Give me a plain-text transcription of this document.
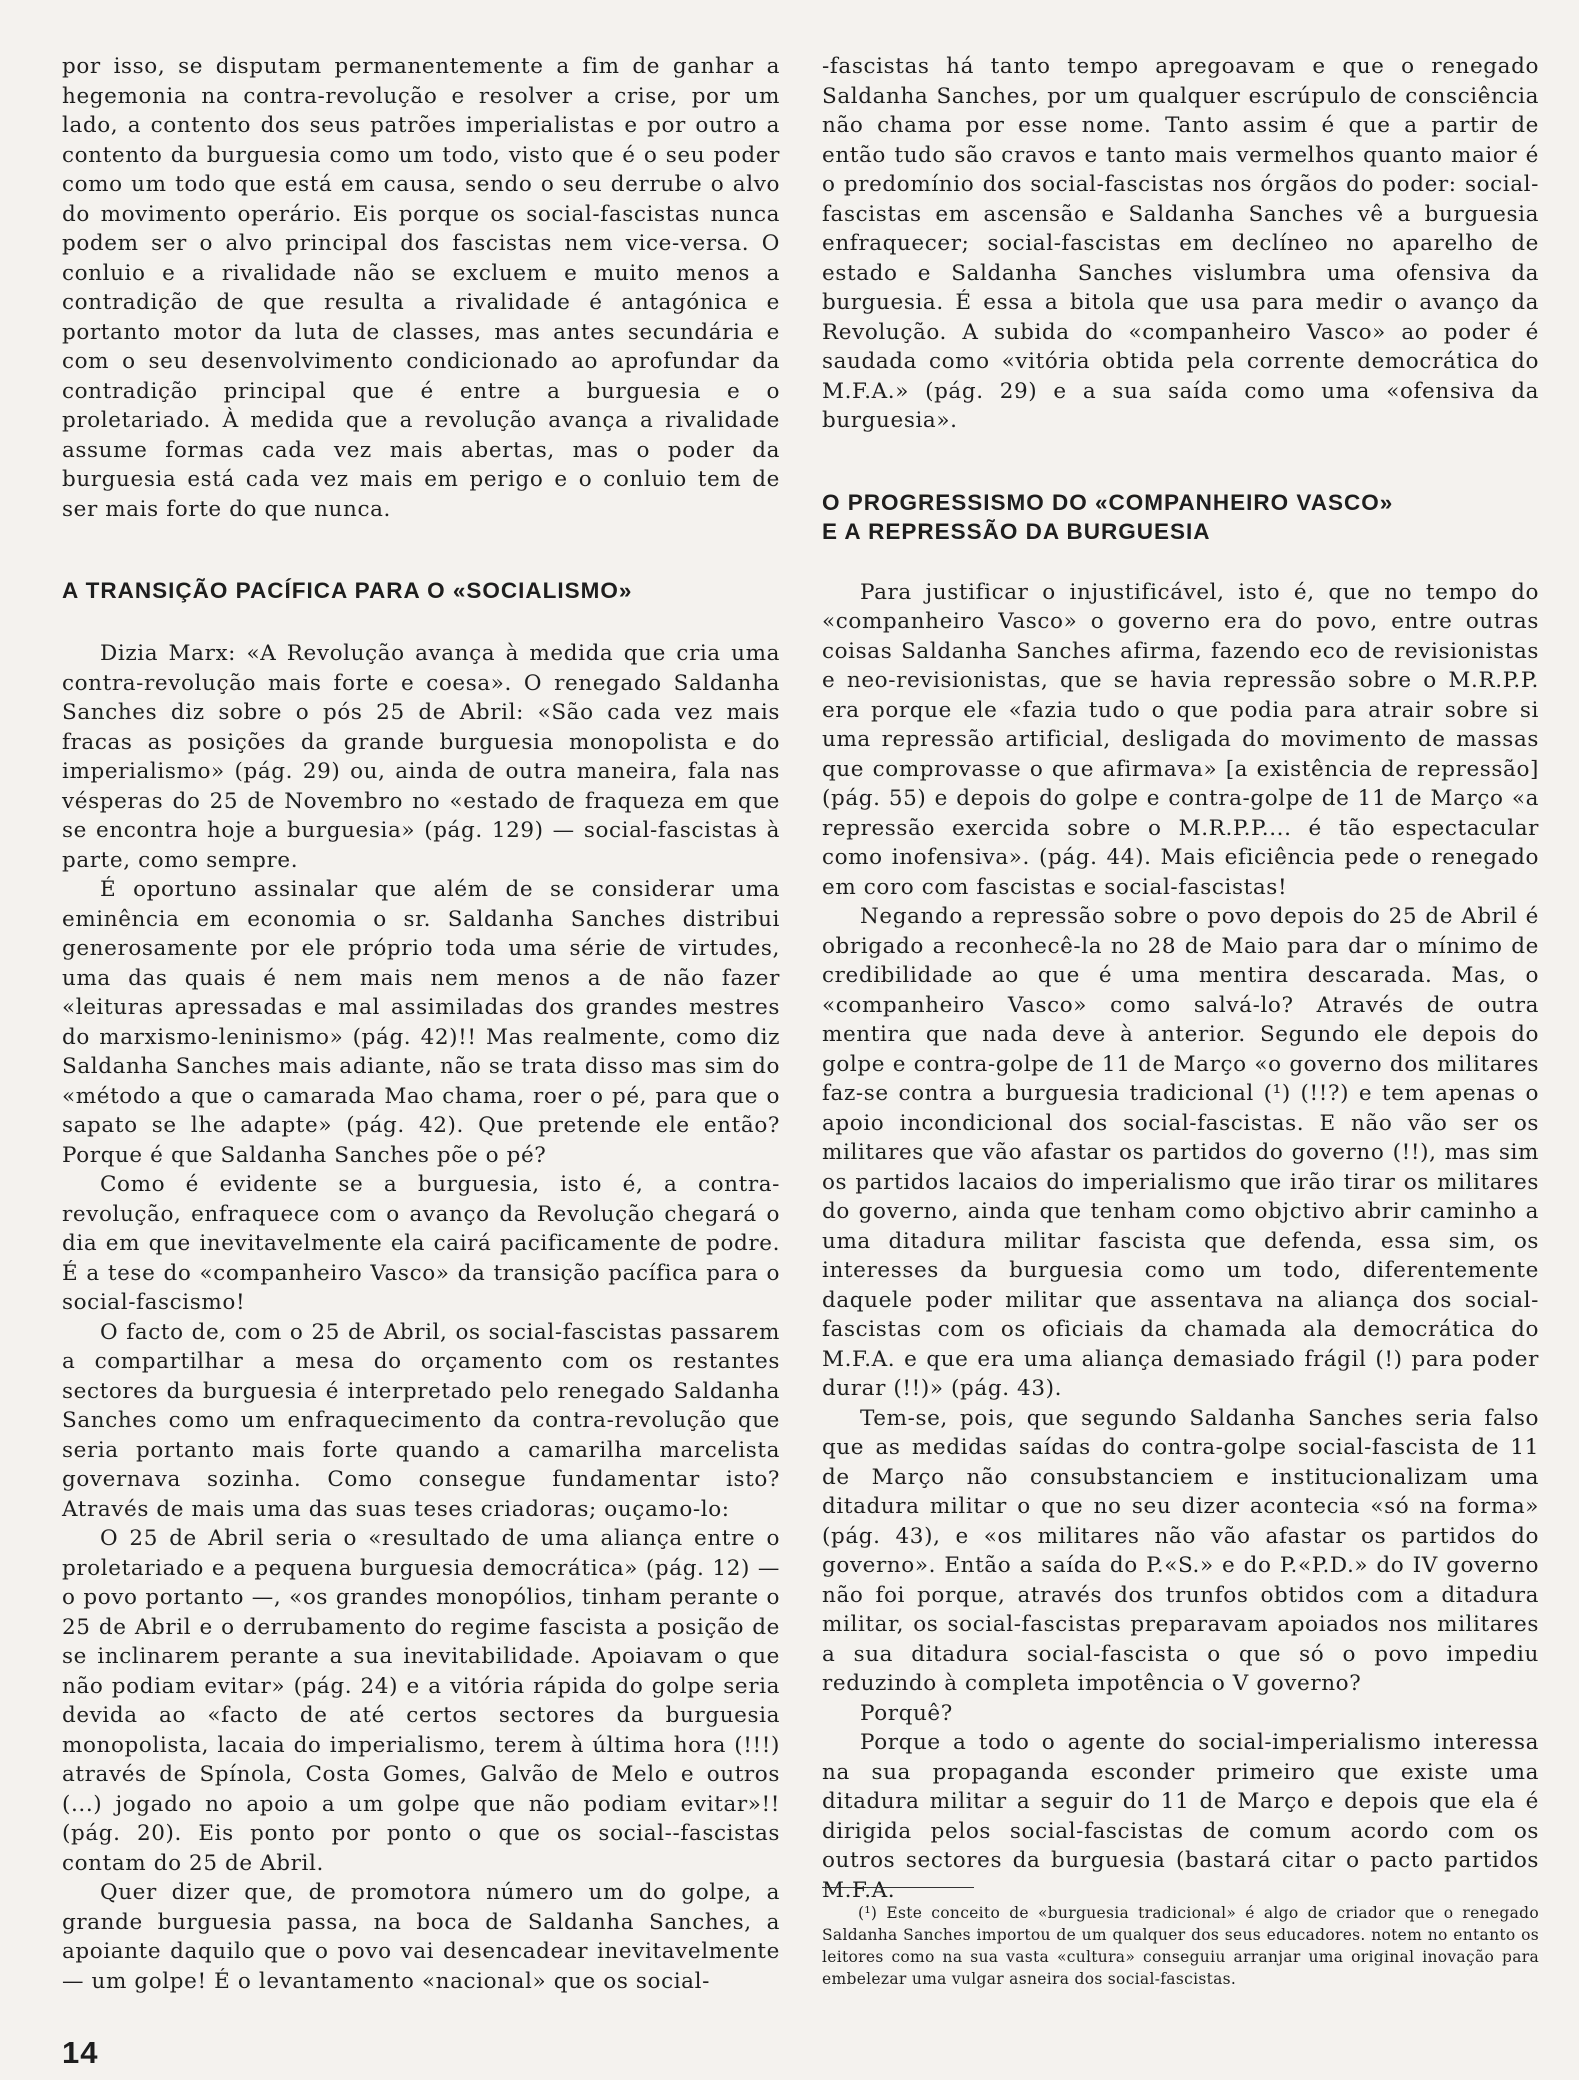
por isso, se disputam permanentemente a fim de ganhar a hegemonia na contra-revolução e resolver a crise, por um lado, a contento dos seus patrões imperialistas e por outro a contento da burguesia como um todo, visto que é o seu poder como um todo que está em causa, sendo o seu derrube o alvo do movimento operário. Eis porque os social-fascistas nunca podem ser o alvo principal dos fascistas nem vice-versa. O conluio e a rivalidade não se excluem e muito menos a contradição de que resulta a rivalidade é antagónica e portanto motor da luta de classes, mas antes secundária e com o seu desenvolvimento condicionado ao aprofundar da contradição principal que é entre a burguesia e o proletariado. À medida que a revolução avança a rivalidade assume formas cada vez mais abertas, mas o poder da burguesia está cada vez mais em perigo e o conluio tem de ser mais forte do que nunca.

A TRANSIÇÃO PACÍFICA PARA O «SOCIALISMO»

Dizia Marx: «A Revolução avança à medida que cria uma contra-revolução mais forte e coesa». O renegado Saldanha Sanches diz sobre o pós 25 de Abril: «São cada vez mais fracas as posições da grande burguesia monopolista e do imperialismo» (pág. 29) ou, ainda de outra maneira, fala nas vésperas do 25 de Novembro no «estado de fraqueza em que se encontra hoje a burguesia» (pág. 129) — social-fascistas à parte, como sempre.

É oportuno assinalar que além de se considerar uma eminência em economia o sr. Saldanha Sanches distribui generosamente por ele próprio toda uma série de virtudes, uma das quais é nem mais nem menos a de não fazer «leituras apressadas e mal assimiladas dos grandes mestres do marxismo-leninismo» (pág. 42)!! Mas realmente, como diz Saldanha Sanches mais adiante, não se trata disso mas sim do «método a que o camarada Mao chama, roer o pé, para que o sapato se lhe adapte» (pág. 42). Que pretende ele então? Porque é que Saldanha Sanches põe o pé?

Como é evidente se a burguesia, isto é, a contra-revolução, enfraquece com o avanço da Revolução chegará o dia em que inevitavelmente ela cairá pacificamente de podre. É a tese do «companheiro Vasco» da transição pacífica para o social-fascismo!

O facto de, com o 25 de Abril, os social-fascistas passarem a compartilhar a mesa do orçamento com os restantes sectores da burguesia é interpretado pelo renegado Saldanha Sanches como um enfraquecimento da contra-revolução que seria portanto mais forte quando a camarilha marcelista governava sozinha. Como consegue fundamentar isto? Através de mais uma das suas teses criadoras; ouçamo-lo:

O 25 de Abril seria o «resultado de uma aliança entre o proletariado e a pequena burguesia democrática» (pág. 12) — o povo portanto —, «os grandes monopólios, tinham perante o 25 de Abril e o derrubamento do regime fascista a posição de se inclinarem perante a sua inevitabilidade. Apoiavam o que não podiam evitar» (pág. 24) e a vitória rápida do golpe seria devida ao «facto de até certos sectores da burguesia monopolista, lacaia do imperialismo, terem à última hora (!!!) através de Spínola, Costa Gomes, Galvão de Melo e outros (...) jogado no apoio a um golpe que não podiam evitar»!! (pág. 20). Eis ponto por ponto o que os social--fascistas contam do 25 de Abril.

Quer dizer que, de promotora número um do golpe, a grande burguesia passa, na boca de Saldanha Sanches, a apoiante daquilo que o povo vai desencadear inevitavelmente — um golpe! É o levantamento «nacional» que os social-

-fascistas há tanto tempo apregoavam e que o renegado Saldanha Sanches, por um qualquer escrúpulo de consciência não chama por esse nome. Tanto assim é que a partir de então tudo são cravos e tanto mais vermelhos quanto maior é o predomínio dos social-fascistas nos órgãos do poder: social-fascistas em ascensão e Saldanha Sanches vê a burguesia enfraquecer; social-fascistas em declíneo no aparelho de estado e Saldanha Sanches vislumbra uma ofensiva da burguesia. É essa a bitola que usa para medir o avanço da Revolução. A subida do «companheiro Vasco» ao poder é saudada como «vitória obtida pela corrente democrática do M.F.A.» (pág. 29) e a sua saída como uma «ofensiva da burguesia».

O PROGRESSISMO DO «COMPANHEIRO VASCO»
E A REPRESSÃO DA BURGUESIA

Para justificar o injustificável, isto é, que no tempo do «companheiro Vasco» o governo era do povo, entre outras coisas Saldanha Sanches afirma, fazendo eco de revisionistas e neo-revisionistas, que se havia repressão sobre o M.R.P.P. era porque ele «fazia tudo o que podia para atrair sobre si uma repressão artificial, desligada do movimento de massas que comprovasse o que afirmava» [a existência de repressão] (pág. 55) e depois do golpe e contra-golpe de 11 de Março «a repressão exercida sobre o M.R.P.P.... é tão espectacular como inofensiva». (pág. 44). Mais eficiência pede o renegado em coro com fascistas e social-fascistas!

Negando a repressão sobre o povo depois do 25 de Abril é obrigado a reconhecê-la no 28 de Maio para dar o mínimo de credibilidade ao que é uma mentira descarada. Mas, o «companheiro Vasco» como salvá-lo? Através de outra mentira que nada deve à anterior. Segundo ele depois do golpe e contra-golpe de 11 de Março «o governo dos militares faz-se contra a burguesia tradicional (¹) (!!?) e tem apenas o apoio incondicional dos social-fascistas. E não vão ser os militares que vão afastar os partidos do governo (!!), mas sim os partidos lacaios do imperialismo que irão tirar os militares do governo, ainda que tenham como objctivo abrir caminho a uma ditadura militar fascista que defenda, essa sim, os interesses da burguesia como um todo, diferentemente daquele poder militar que assentava na aliança dos social-fascistas com os oficiais da chamada ala democrática do M.F.A. e que era uma aliança demasiado frágil (!) para poder durar (!!)» (pág. 43).

Tem-se, pois, que segundo Saldanha Sanches seria falso que as medidas saídas do contra-golpe social-fascista de 11 de Março não consubstanciem e institucionalizam uma ditadura militar o que no seu dizer acontecia «só na forma» (pág. 43), e «os militares não vão afastar os partidos do governo». Então a saída do P.«S.» e do P.«P.D.» do IV governo não foi porque, através dos trunfos obtidos com a ditadura militar, os social-fascistas preparavam apoiados nos militares a sua ditadura social-fascista o que só o povo impediu reduzindo à completa impotência o V governo?

Porquê?

Porque a todo o agente do social-imperialismo interessa na sua propaganda esconder primeiro que existe uma ditadura militar a seguir do 11 de Março e depois que ela é dirigida pelos social-fascistas de comum acordo com os outros sectores da burguesia (bastará citar o pacto partidos M.F.A.

(¹) Este conceito de «burguesia tradicional» é algo de criador que o renegado Saldanha Sanches importou de um qualquer dos seus educadores. notem no entanto os leitores como na sua vasta «cultura» conseguiu arranjar uma original inovação para embelezar uma vulgar asneira dos social-fascistas.

14
